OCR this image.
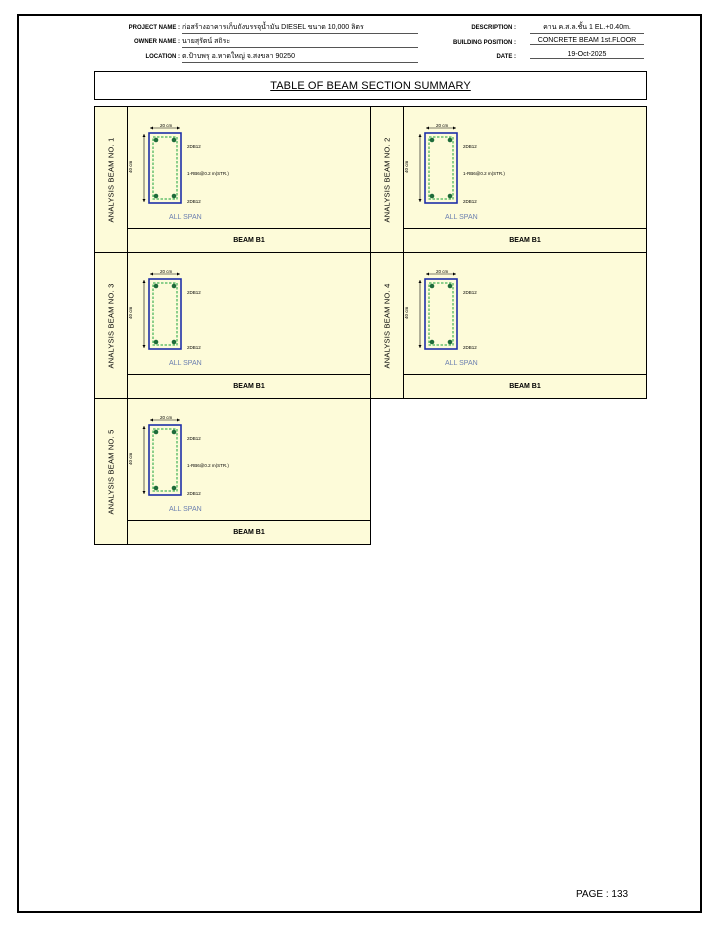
PROJECT NAME : ก่อสร้างอาคารเก็บถังบรรจุน้ำมัน DIESEL ขนาด 10,000 ลิตร
OWNER NAME : นายสุรัตน์ สถิระ
LOCATION : ต.ป้าบพรุ อ.หาดใหญ่ จ.สงขลา 90250
DESCRIPTION :	คาน ค.ส.ล.ชั้น 1 EL.+0.40m.
BUILDING POSITION :	CONCRETE BEAM 1st.FLOOR
DATE :	19-Oct-2025
TABLE OF BEAM SECTION SUMMARY
ANALYSIS BEAM NO. 1
20 cm
40 cm
2DB12
1-RB6@0.2 m(STR.)
2DB12
ALL SPAN
BEAM B1
ANALYSIS BEAM NO. 2
20 cm
40 cm
2DB12
1-RB6@0.2 m(STR.)
2DB12
ALL SPAN
BEAM B1
ANALYSIS BEAM NO. 3
20 cm
40 cm
2DB12
2DB12
ALL SPAN
BEAM B1
ANALYSIS BEAM NO. 4
20 cm
40 cm
2DB12
2DB12
ALL SPAN
BEAM B1
ANALYSIS BEAM NO. 5
20 cm
40 cm
2DB12
1-RB6@0.2 m(STR.)
2DB12
ALL SPAN
BEAM B1
PAGE : 133
